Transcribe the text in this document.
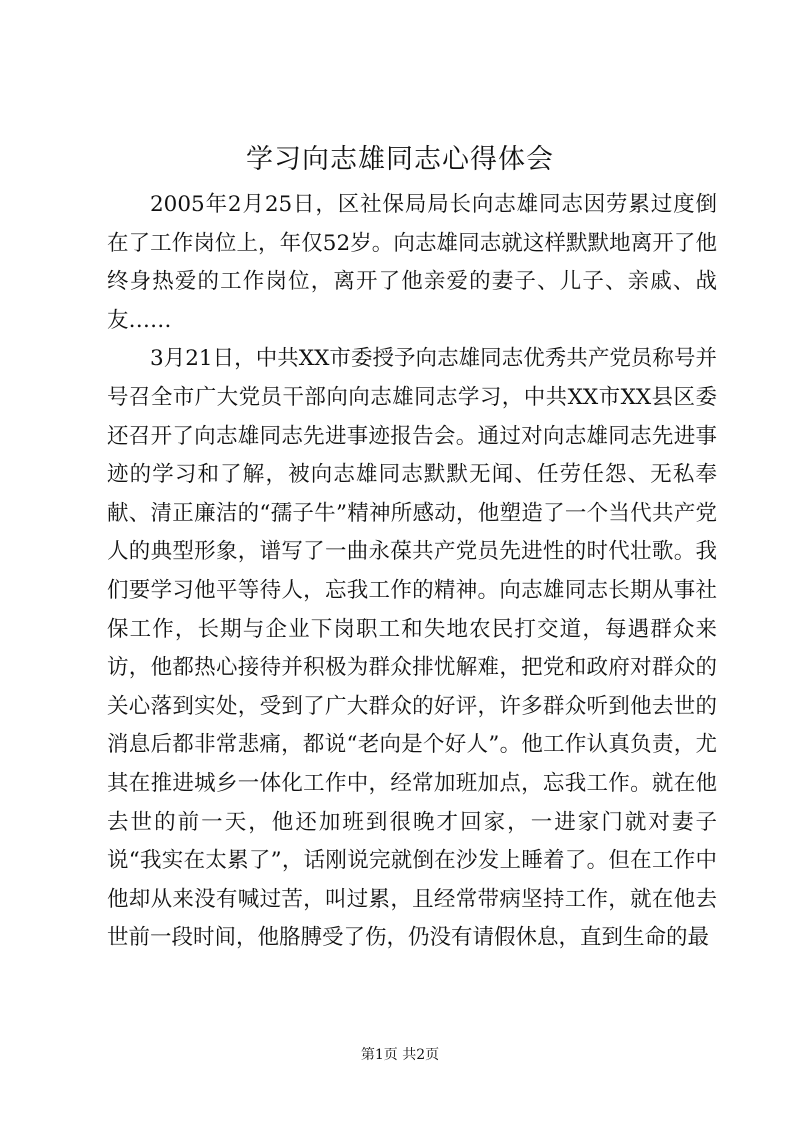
学习向志雄同志心得体会

2005年2月25日，区社保局局长向志雄同志因劳累过度倒在了工作岗位上，年仅52岁。向志雄同志就这样默默地离开了他终身热爱的工作岗位，离开了他亲爱的妻子、儿子、亲戚、战友……

3月21日，中共XX市委授予向志雄同志优秀共产党员称号并号召全市广大党员干部向向志雄同志学习，中共XX市XX县区委还召开了向志雄同志先进事迹报告会。通过对向志雄同志先进事迹的学习和了解，被向志雄同志默默无闻、任劳任怨、无私奉献、清正廉洁的“孺子牛”精神所感动，他塑造了一个当代共产党人的典型形象，谱写了一曲永葆共产党员先进性的时代壮歌。我们要学习他平等待人，忘我工作的精神。向志雄同志长期从事社保工作，长期与企业下岗职工和失地农民打交道，每遇群众来访，他都热心接待并积极为群众排忧解难，把党和政府对群众的关心落到实处，受到了广大群众的好评，许多群众听到他去世的消息后都非常悲痛，都说“老向是个好人”。他工作认真负责，尤其在推进城乡一体化工作中，经常加班加点，忘我工作。就在他去世的前一天，他还加班到很晚才回家，一进家门就对妻子说“我实在太累了”，话刚说完就倒在沙发上睡着了。但在工作中他却从来没有喊过苦，叫过累，且经常带病坚持工作，就在他去世前一段时间，他胳膊受了伤，仍没有请假休息，直到生命的最

第1页 共2页
